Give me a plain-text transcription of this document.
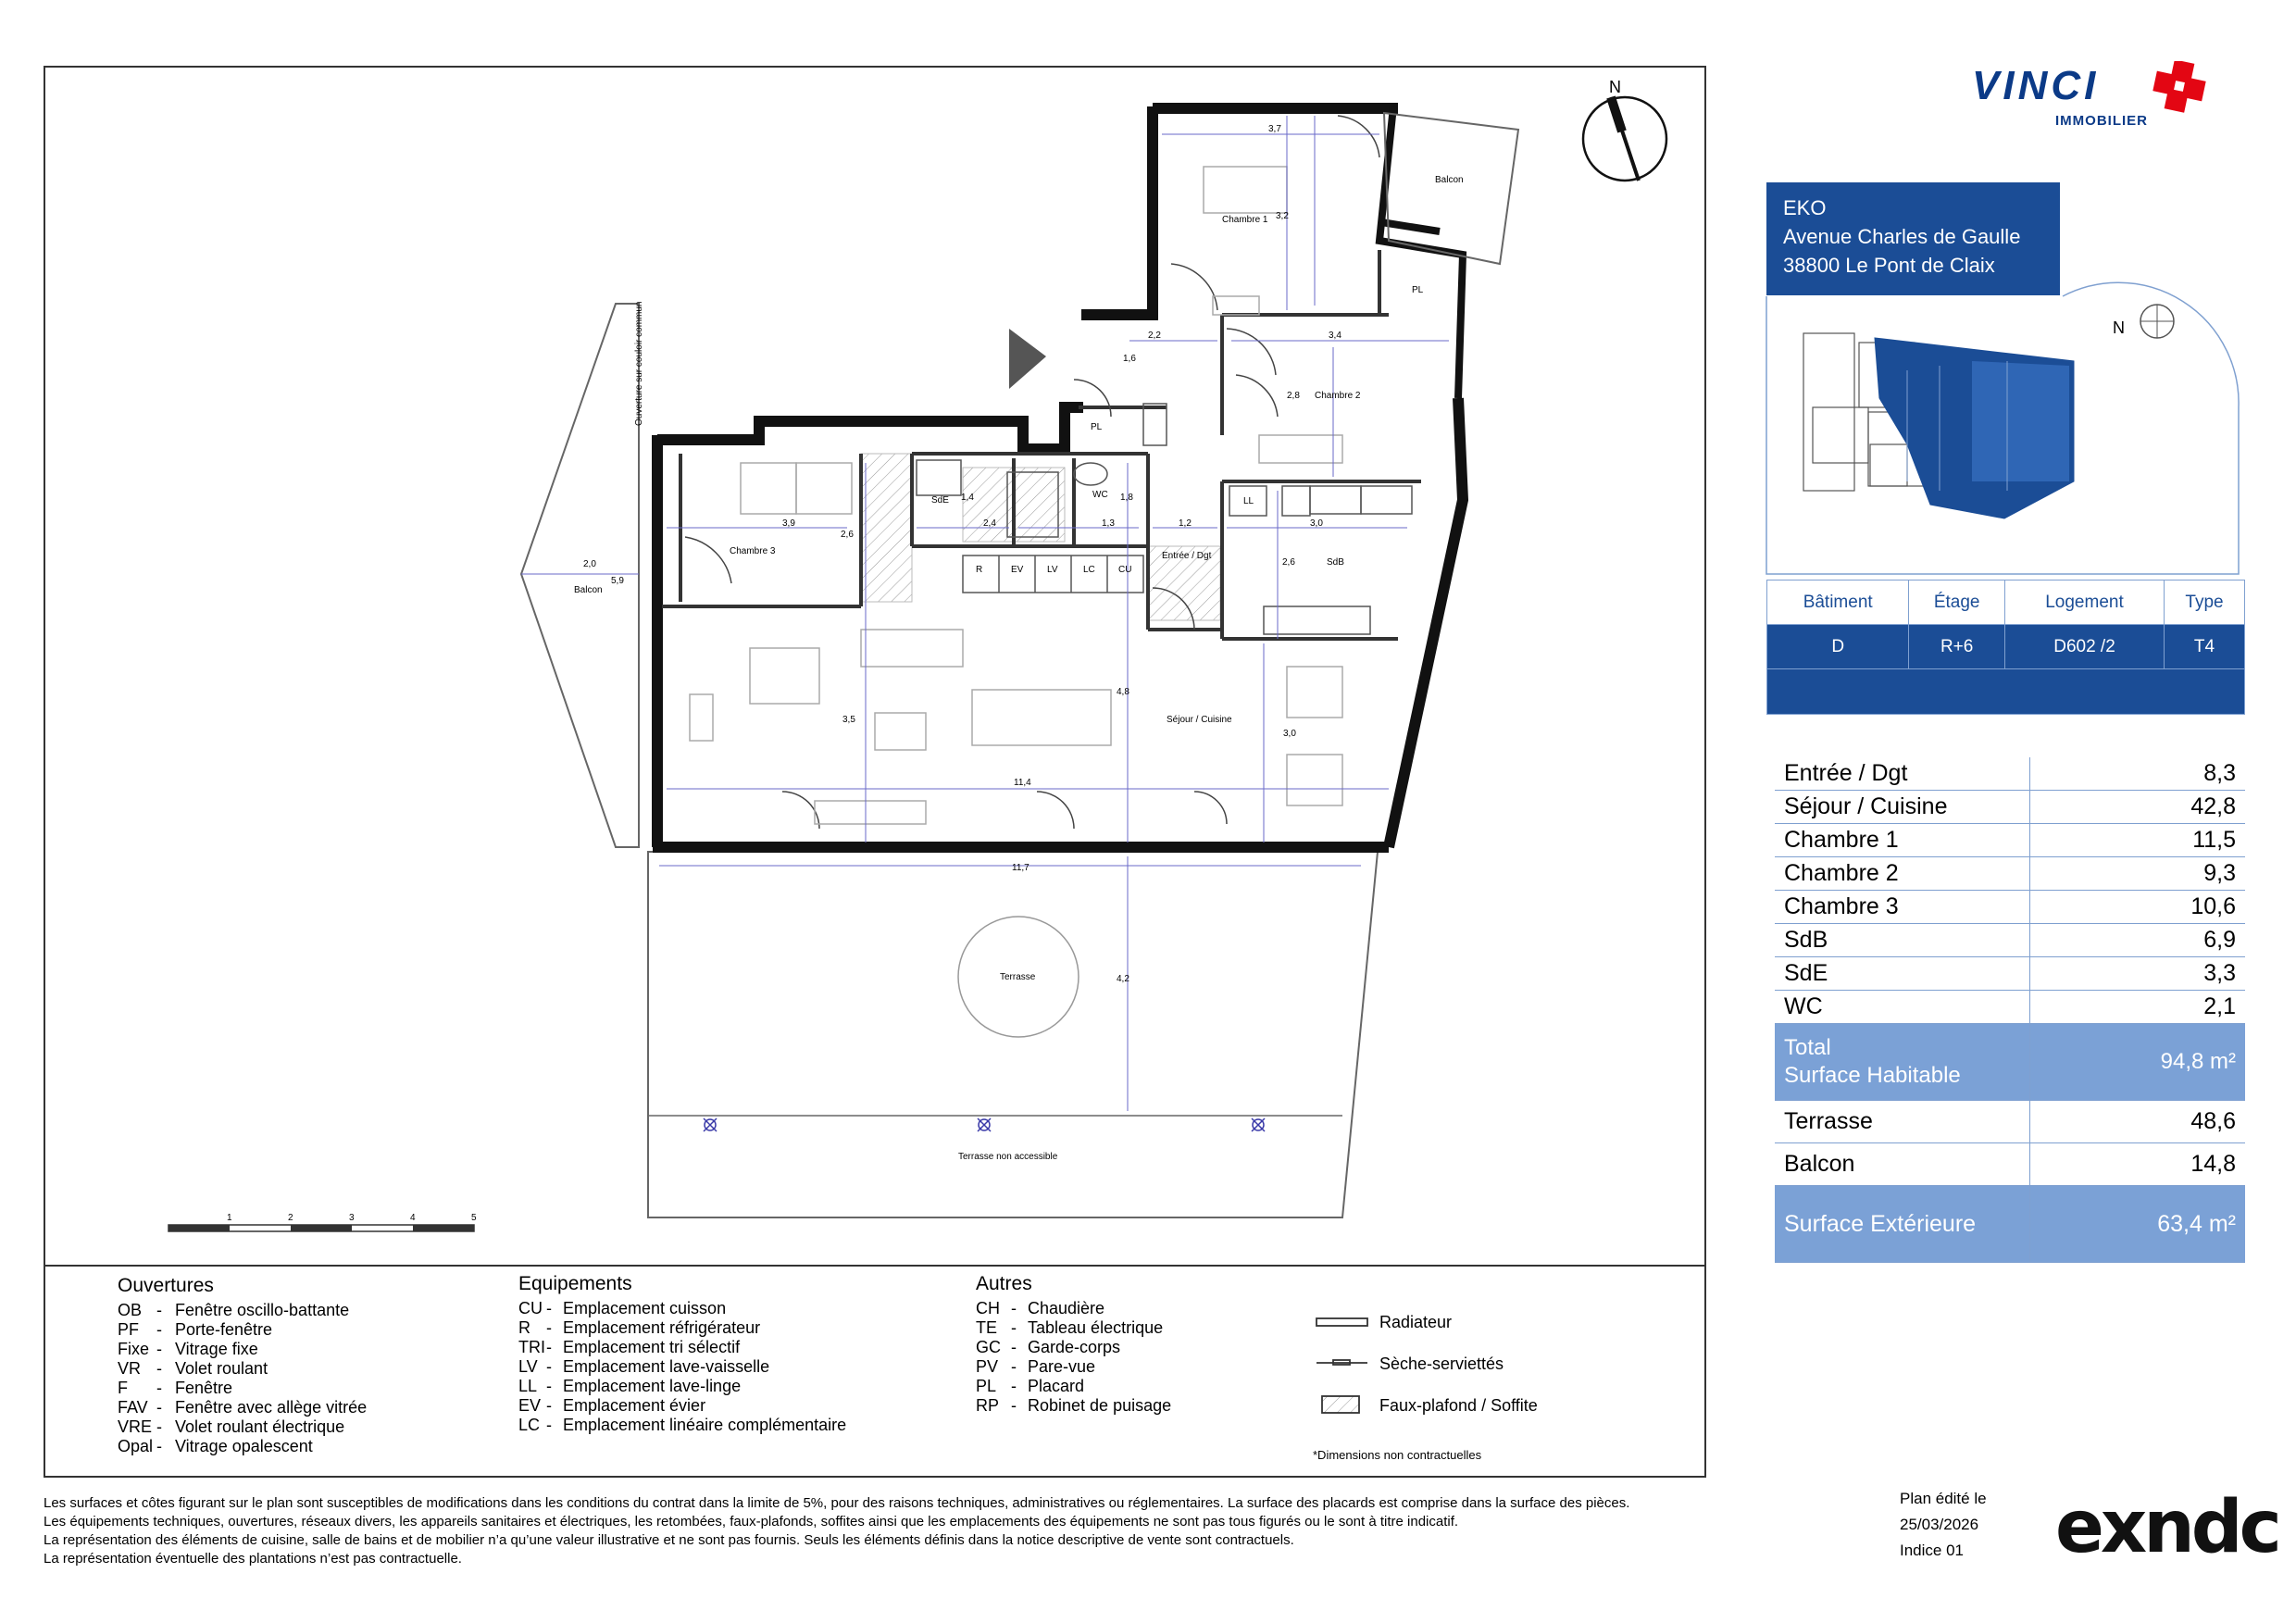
3,7
3,2
2,2	3,4
1,6
2,8
3,9	2,4	1,3	1,2	3,0
1,4	1,8
2,6
2,6
4,8
11,4
11,7
3,5
3,0
2,0
5,9
4,2
Chambre 1
Chambre 2
Chambre 3
Séjour / Cuisine
Entrée / Dgt
SdB
SdE
WC
Terrasse
Terrasse non accessible
Balcon
Balcon
PL
PL
LL
R	EV	LV	LC	CU
Ouverture sur couloir commun
1	2	3	4	5
N
N
Ouvertures
OB - Fenêtre oscillo-battante
PF	- Porte-fenêtre
Fixe - Vitrage fixe
VR - Volet roulant
F	- Fenêtre
FAV - Fenêtre avec allège vitrée
VRE - Volet roulant électrique
Opal - Vitrage opalescent
Equipements
CU - Emplacement cuisson
R - Emplacement réfrigérateur
TRI - Emplacement tri sélectif
LV - Emplacement lave-vaisselle
LL - Emplacement lave-linge
EV - Emplacement évier
LC - Emplacement linéaire complémentaire
Autres
CH - Chaudière
TE - Tableau électrique
GC - Garde-corps
PV - Pare-vue
PL - Placard
RP - Robinet de puisage
Radiateur
Sèche-serviettés
Faux-plafond / Soffite
*Dimensions non contractuelles
Les surfaces et côtes figurant sur le plan sont susceptibles de modifications dans les conditions du contrat dans la limite de 5%, pour des raisons techniques, administratives ou réglementaires. La surface des placards est comprise dans la surface des pièces.
Les équipements techniques, ouvertures, réseaux divers, les appareils sanitaires et électriques, les retombées, faux-plafonds, soffites ainsi que les emplacements des équipements ne sont pas tous figurés ou le sont à titre indicatif.
La représentation des éléments de cuisine, salle de bains et de mobilier n’a qu’une valeur illustrative et ne sont pas fournis. Seuls les éléments définis dans la notice descriptive de vente sont contractuels.
La représentation éventuelle des plantations n’est pas contractuelle.
VINCI
IMMOBILIER
EKO
Avenue Charles de Gaulle
38800 Le Pont de Claix
Bâtiment	Étage	Logement	Type
D	R+6	D602 /2	T4

Entrée / Dgt	8,3
Séjour / Cuisine	42,8
Chambre 1	11,5
Chambre 2	9,3
Chambre 3	10,6
SdB	6,9
SdE	3,3
WC	2,1

Total
Surface Habitable	94,8 m²
Terrasse	48,6
Balcon	14,8
Surface Extérieure	63,4 m²
Plan édité le
25/03/2026
Indice 01	exndc
